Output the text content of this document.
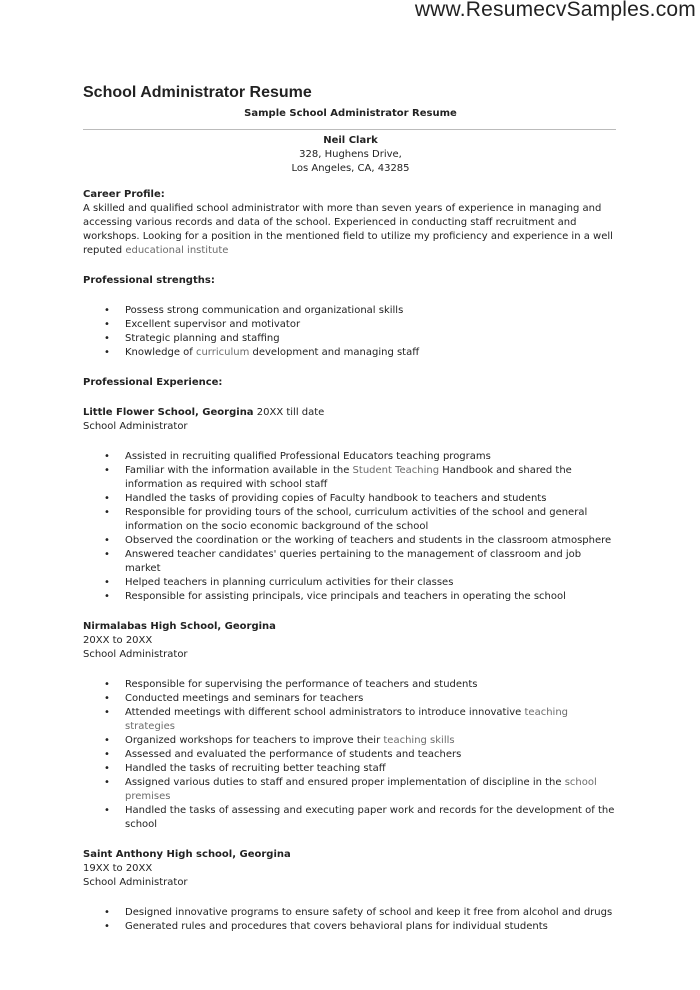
www.ResumecvSamples.com
School Administrator Resume
Sample School Administrator Resume
Neil Clark
328, Hughens Drive,
Los Angeles, CA, 43285
Career Profile:

A skilled and qualified school administrator with more than seven years of experience in managing and accessing various records and data of the school. Experienced in conducting staff recruitment and workshops. Looking for a position in the mentioned field to utilize my proficiency and experience in a well reputed educational institute

Professional strengths:
• Possess strong communication and organizational skills
• Excellent supervisor and motivator
• Strategic planning and staffing
• Knowledge of curriculum development and managing staff
Professional Experience:
Little Flower School, Georgina 20XX till date
School Administrator
• Assisted in recruiting qualified Professional Educators teaching programs
• Familiar with the information available in the Student Teaching Handbook and shared the information as required with school staff
• Handled the tasks of providing copies of Faculty handbook to teachers and students
• Responsible for providing tours of the school, curriculum activities of the school and general information on the socio economic background of the school
• Observed the coordination or the working of teachers and students in the classroom atmosphere
• Answered teacher candidates' queries pertaining to the management of classroom and job market
• Helped teachers in planning curriculum activities for their classes
• Responsible for assisting principals, vice principals and teachers in operating the school
Nirmalabas High School, Georgina
20XX to 20XX
School Administrator
• Responsible for supervising the performance of teachers and students
• Conducted meetings and seminars for teachers
• Attended meetings with different school administrators to introduce innovative teaching strategies
• Organized workshops for teachers to improve their teaching skills
• Assessed and evaluated the performance of students and teachers
• Handled the tasks of recruiting better teaching staff
• Assigned various duties to staff and ensured proper implementation of discipline in the school premises
• Handled the tasks of assessing and executing paper work and records for the development of the school
Saint Anthony High school, Georgina
19XX to 20XX
School Administrator
• Designed innovative programs to ensure safety of school and keep it free from alcohol and drugs
• Generated rules and procedures that covers behavioral plans for individual students
